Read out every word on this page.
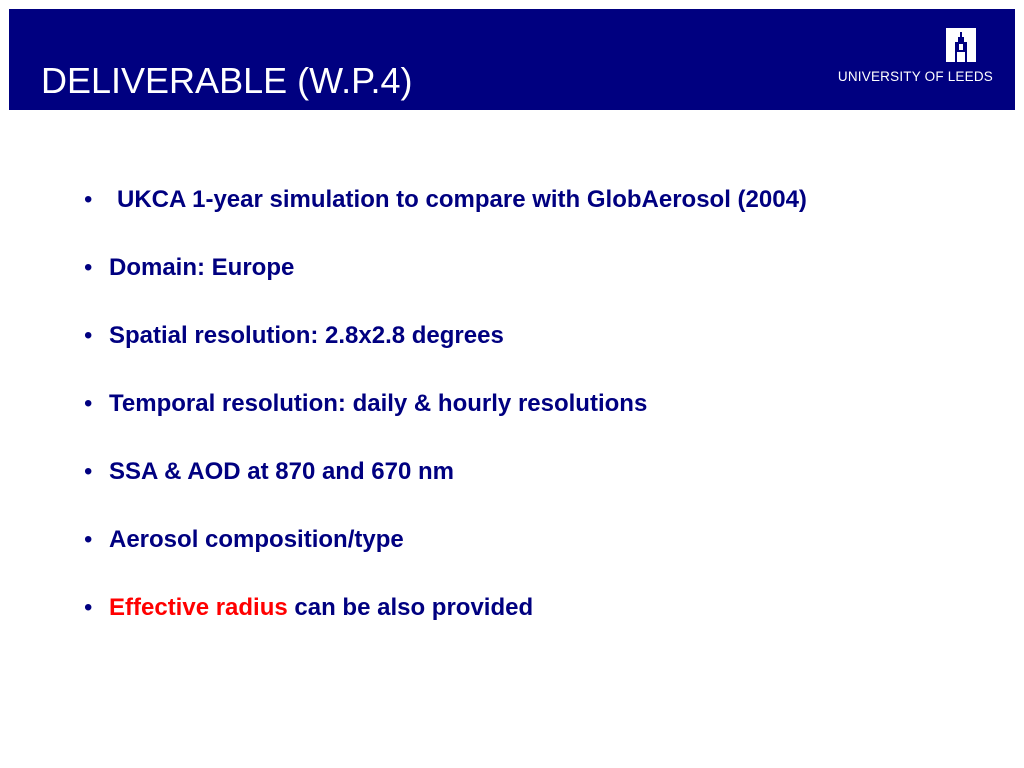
DELIVERABLE (W.P.4)	UNIVERSITY OF LEEDS
• UKCA 1-year simulation to compare with GlobAerosol (2004)
• Domain: Europe
• Spatial resolution: 2.8x2.8 degrees
• Temporal resolution: daily & hourly resolutions
• SSA & AOD at 870 and 670 nm
• Aerosol composition/type
• Effective radius can be also provided
